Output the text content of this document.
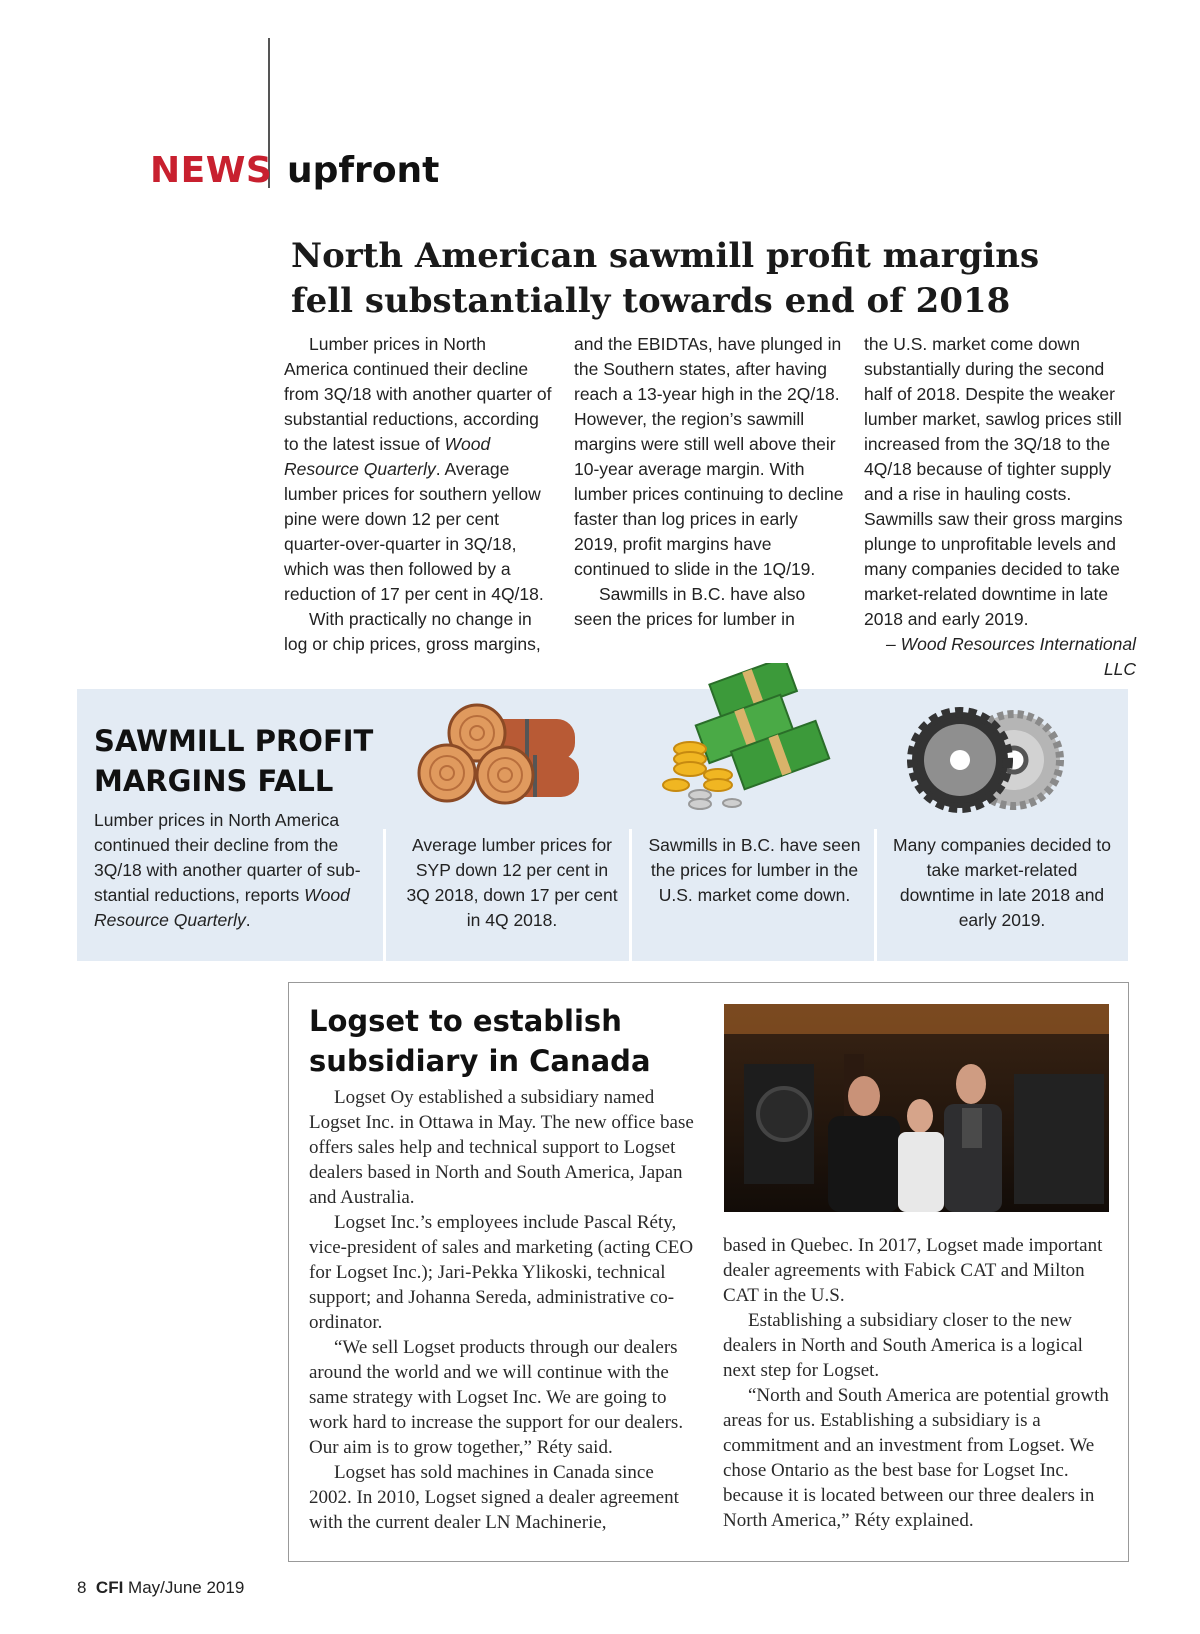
NEWS upfront
North American sawmill profit margins fell substantially towards end of 2018

Lumber prices in North America continued their decline from 3Q/18 with another quarter of substantial reductions, according to the latest issue of Wood Resource Quarterly. Average lumber prices for southern yellow pine were down 12 per cent quarter-over-quarter in 3Q/18, which was then followed by a reduction of 17 per cent in 4Q/18.

With practically no change in log or chip prices, gross margins,

and the EBIDTAs, have plunged in the Southern states, after having reach a 13-year high in the 2Q/18. However, the region’s sawmill margins were still well above their 10-year average margin. With lumber prices continuing to decline faster than log prices in early 2019, profit margins have continued to slide in the 1Q/19.

Sawmills in B.C. have also seen the prices for lumber in

the U.S. market come down substantially during the second half of 2018. Despite the weaker lumber market, sawlog prices still increased from the 3Q/18 to the 4Q/18 because of tighter supply and a rise in hauling costs. Sawmills saw their gross margins plunge to unprofitable levels and many companies decided to take market-related downtime in late 2018 and early 2019.

– Wood Resources International LLC
SAWMILL PROFIT MARGINS FALL
Lumber prices in North America continued their decline from the 3Q/18 with another quarter of sub-stantial reductions, reports Wood Resource Quarterly.
Average lumber prices for SYP down 12 per cent in 3Q 2018, down 17 per cent in 4Q 2018.
Sawmills in B.C. have seen the prices for lumber in the U.S. market come down.
Many companies decided to take market-related downtime in late 2018 and early 2019.
Logset to establish subsidiary in Canada

Logset Oy established a subsidiary named Logset Inc. in Ottawa in May. The new office base offers sales help and technical support to Logset dealers based in North and South America, Japan and Australia.

Logset Inc.’s employees include Pascal Réty, vice-president of sales and marketing (acting CEO for Logset Inc.); Jari-Pekka Ylikoski, technical support; and Johanna Sereda, administrative co-ordinator.

“We sell Logset products through our dealers around the world and we will continue with the same strategy with Logset Inc. We are going to work hard to increase the support for our dealers. Our aim is to grow together,” Réty said.

Logset has sold machines in Canada since 2002. In 2010, Logset signed a dealer agreement with the current dealer LN Machinerie,

based in Quebec. In 2017, Logset made important dealer agreements with Fabick CAT and Milton CAT in the U.S.

Establishing a subsidiary closer to the new dealers in North and South America is a logical next step for Logset.

“North and South America are potential growth areas for us. Establishing a subsidiary is a commitment and an investment from Logset. We chose Ontario as the best base for Logset Inc. because it is located between our three dealers in North America,” Réty explained.

8 CFI May/June 2019
